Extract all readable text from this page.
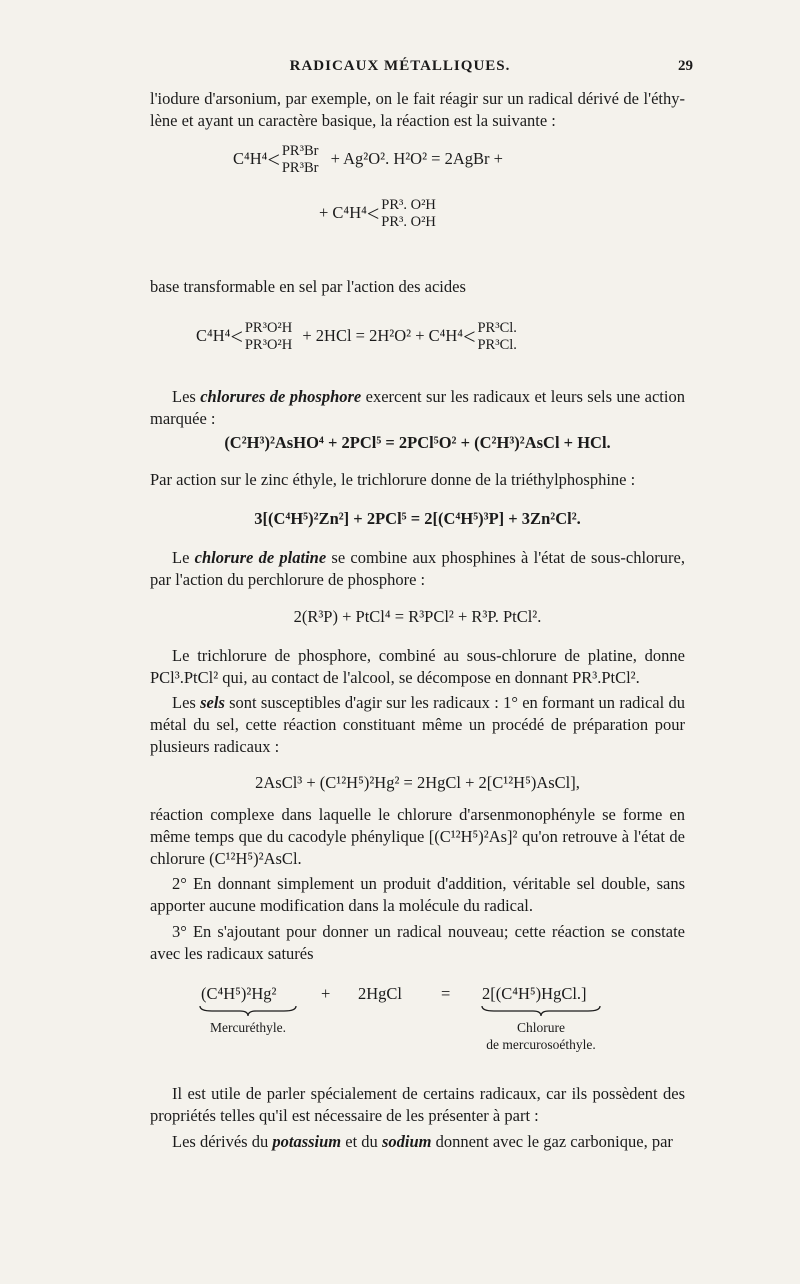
RADICAUX MÉTALLIQUES.	29

l'iodure d'arsonium, par exemple, on le fait réagir sur un radical dérivé de l'éthy-lène et ayant un caractère basique, la réaction est la suivante :

C⁴H⁴< PR³Br
PR³Br
+ Ag²O². H²O² = 2AgBr +
+ C⁴H⁴< PR³. O²H
PR³. O²H

base transformable en sel par l'action des acides

C⁴H⁴< PR³O²H
PR³O²H
+ 2HCl = 2H²O² + C⁴H⁴< PR³Cl.
PR³Cl.

Les chlorures de phosphore exercent sur les radicaux et leurs sels une action marquée :

(C²H³)²AsHO⁴ + 2PCl⁵ = 2PCl⁵O² + (C²H³)²AsCl + HCl.

Par action sur le zinc éthyle, le trichlorure donne de la triéthylphosphine :

3[(C⁴H⁵)²Zn²] + 2PCl⁵ = 2[(C⁴H⁵)³P] + 3Zn²Cl².

Le chlorure de platine se combine aux phosphines à l'état de sous-chlorure, par l'action du perchlorure de phosphore :

2(R³P) + PtCl⁴ = R³PCl² + R³P. PtCl².

Le trichlorure de phosphore, combiné au sous-chlorure de platine, donne PCl³.PtCl² qui, au contact de l'alcool, se décompose en donnant PR³.PtCl².

Les sels sont susceptibles d'agir sur les radicaux : 1° en formant un radical du métal du sel, cette réaction constituant même un procédé de préparation pour plusieurs radicaux :

2AsCl³ + (C¹²H⁵)²Hg² = 2HgCl + 2[C¹²H⁵)AsCl],

réaction complexe dans laquelle le chlorure d'arsenmonophényle se forme en même temps que du cacodyle phénylique [(C¹²H⁵)²As]² qu'on retrouve à l'état de chlorure (C¹²H⁵)²AsCl.

2° En donnant simplement un produit d'addition, véritable sel double, sans apporter aucune modification dans la molécule du radical.

3° En s'ajoutant pour donner un radical nouveau; cette réaction se constate avec les radicaux saturés

(C⁴H⁵)²Hg²	+ 2HgCl = 2[(C⁴H⁵)HgCl.]
Mercuréthyle.	Chlorure
de mercurosoéthyle.

Il est utile de parler spécialement de certains radicaux, car ils possèdent des propriétés telles qu'il est nécessaire de les présenter à part :

Les dérivés du potassium et du sodium donnent avec le gaz carbonique, par
